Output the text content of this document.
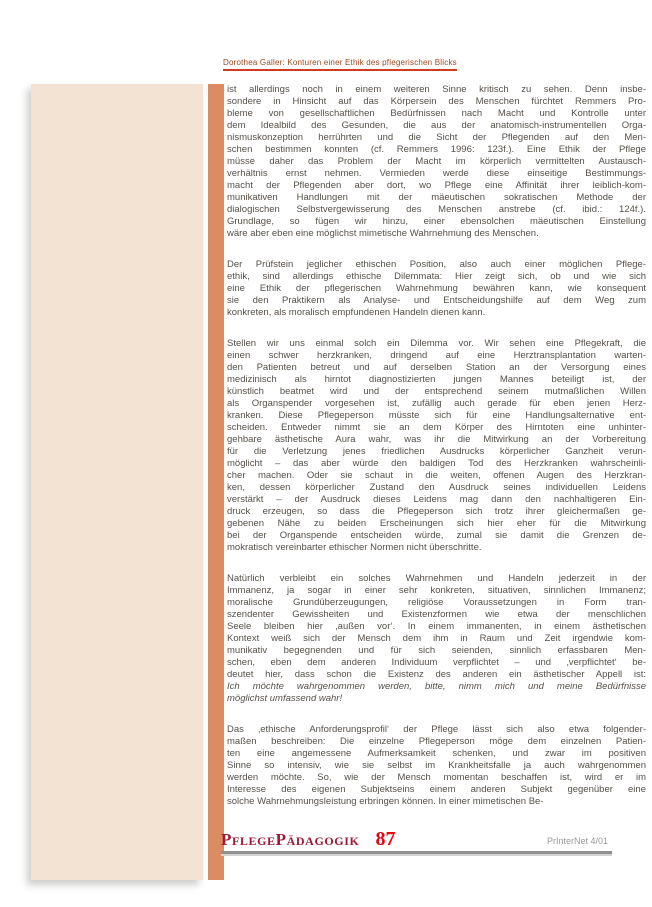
Dorothea Galler: Konturen einer Ethik des pflegerischen Blicks
ist allerdings noch in einem weiteren Sinne kritisch zu sehen. Denn insbe-
sondere in Hinsicht auf das Körpersein des Menschen fürchtet Remmers Pro-
bleme von gesellschaftlichen Bedürfnissen nach Macht und Kontrolle unter
dem Idealbild des Gesunden, die aus der anatomisch-instrumentellen Orga-
nismuskonzeption herrührten und die Sicht der Pflegenden auf den Men-
schen bestimmen konnten (cf. Remmers 1996: 123f.). Eine Ethik der Pflege
müsse daher das Problem der Macht im körperlich vermittelten Austausch-
verhältnis ernst nehmen. Vermieden werde diese einseitige Bestimmungs-
macht der Pflegenden aber dort, wo Pflege eine Affinität ihrer leiblich-kom-
munikativen Handlungen mit der mäeutischen sokratischen Methode der
dialogischen Selbstvergewisserung des Menschen anstrebe (cf. ibid.: 124f.).
Grundlage, so fügen wir hinzu, einer ebensolchen mäeutischen Einstellung
wäre aber eben eine möglichst mimetische Wahrnehmung des Menschen.
Der Prüfstein jeglicher ethischen Position, also auch einer möglichen Pflege-
ethik, sind allerdings ethische Dilemmata: Hier zeigt sich, ob und wie sich
eine Ethik der pflegerischen Wahrnehmung bewähren kann, wie konsequent
sie den Praktikern als Analyse- und Entscheidungshilfe auf dem Weg zum
konkreten, als moralisch empfundenen Handeln dienen kann.
Stellen wir uns einmal solch ein Dilemma vor. Wir sehen eine Pflegekraft, die
einen schwer herzkranken, dringend auf eine Herztransplantation warten-
den Patienten betreut und auf derselben Station an der Versorgung eines
medizinisch als hirntot diagnostizierten jungen Mannes beteiligt ist, der
künstlich beatmet wird und der entsprechend seinem mutmaßlichen Willen
als Organspender vorgesehen ist, zufällig auch gerade für eben jenen Herz-
kranken. Diese Pflegeperson müsste sich für eine Handlungsalternative ent-
scheiden. Entweder nimmt sie an dem Körper des Hirntoten eine unhinter-
gehbare ästhetische Aura wahr, was ihr die Mitwirkung an der Vorbereitung
für die Verletzung jenes friedlichen Ausdrucks körperlicher Ganzheit verun-
möglicht – das aber würde den baldigen Tod des Herzkranken wahrscheinli-
cher machen. Oder sie schaut in die weiten, offenen Augen des Herzkran-
ken, dessen körperlicher Zustand den Ausdruck seines individuellen Leidens
verstärkt – der Ausdruck dieses Leidens mag dann den nachhaltigeren Ein-
druck erzeugen, so dass die Pflegeperson sich trotz ihrer gleichermaßen ge-
gebenen Nähe zu beiden Erscheinungen sich hier eher für die Mitwirkung
bei der Organspende entscheiden würde, zumal sie damit die Grenzen de-
mokratisch vereinbarter ethischer Normen nicht überschritte.
Natürlich verbleibt ein solches Wahrnehmen und Handeln jederzeit in der
Immanenz, ja sogar in einer sehr konkreten, situativen, sinnlichen Immanenz;
moralische Grundüberzeugungen, religiöse Voraussetzungen in Form tran-
szendenter Gewissheiten und Existenzformen wie etwa der menschlichen
Seele bleiben hier ‚außen vor‘. In einem immanenten, in einem ästhetischen
Kontext weiß sich der Mensch dem ihm in Raum und Zeit irgendwie kom-
munikativ begegnenden und für sich seienden, sinnlich erfassbaren Men-
schen, eben dem anderen Individuum verpflichtet – und ‚verpflichtet‘ be-
deutet hier, dass schon die Existenz des anderen ein ästhetischer Appell ist:
Ich möchte wahrgenommen werden, bitte, nimm mich und meine Bedürfnisse
möglichst umfassend wahr!
Das ‚ethische Anforderungsprofil‘ der Pflege lässt sich also etwa folgender-
maßen beschreiben: Die einzelne Pflegeperson möge dem einzelnen Patien-
ten eine angemessene Aufmerksamkeit schenken, und zwar im positiven
Sinne so intensiv, wie sie selbst im Krankheitsfalle ja auch wahrgenommen
werden möchte. So, wie der Mensch momentan beschaffen ist, wird er im
Interesse des eigenen Subjektseins einem anderen Subjekt gegenüber eine
solche Wahrnehmungsleistung erbringen können. In einer mimetischen Be-
PflegePädagogik 87	PrInterNet 4/01
